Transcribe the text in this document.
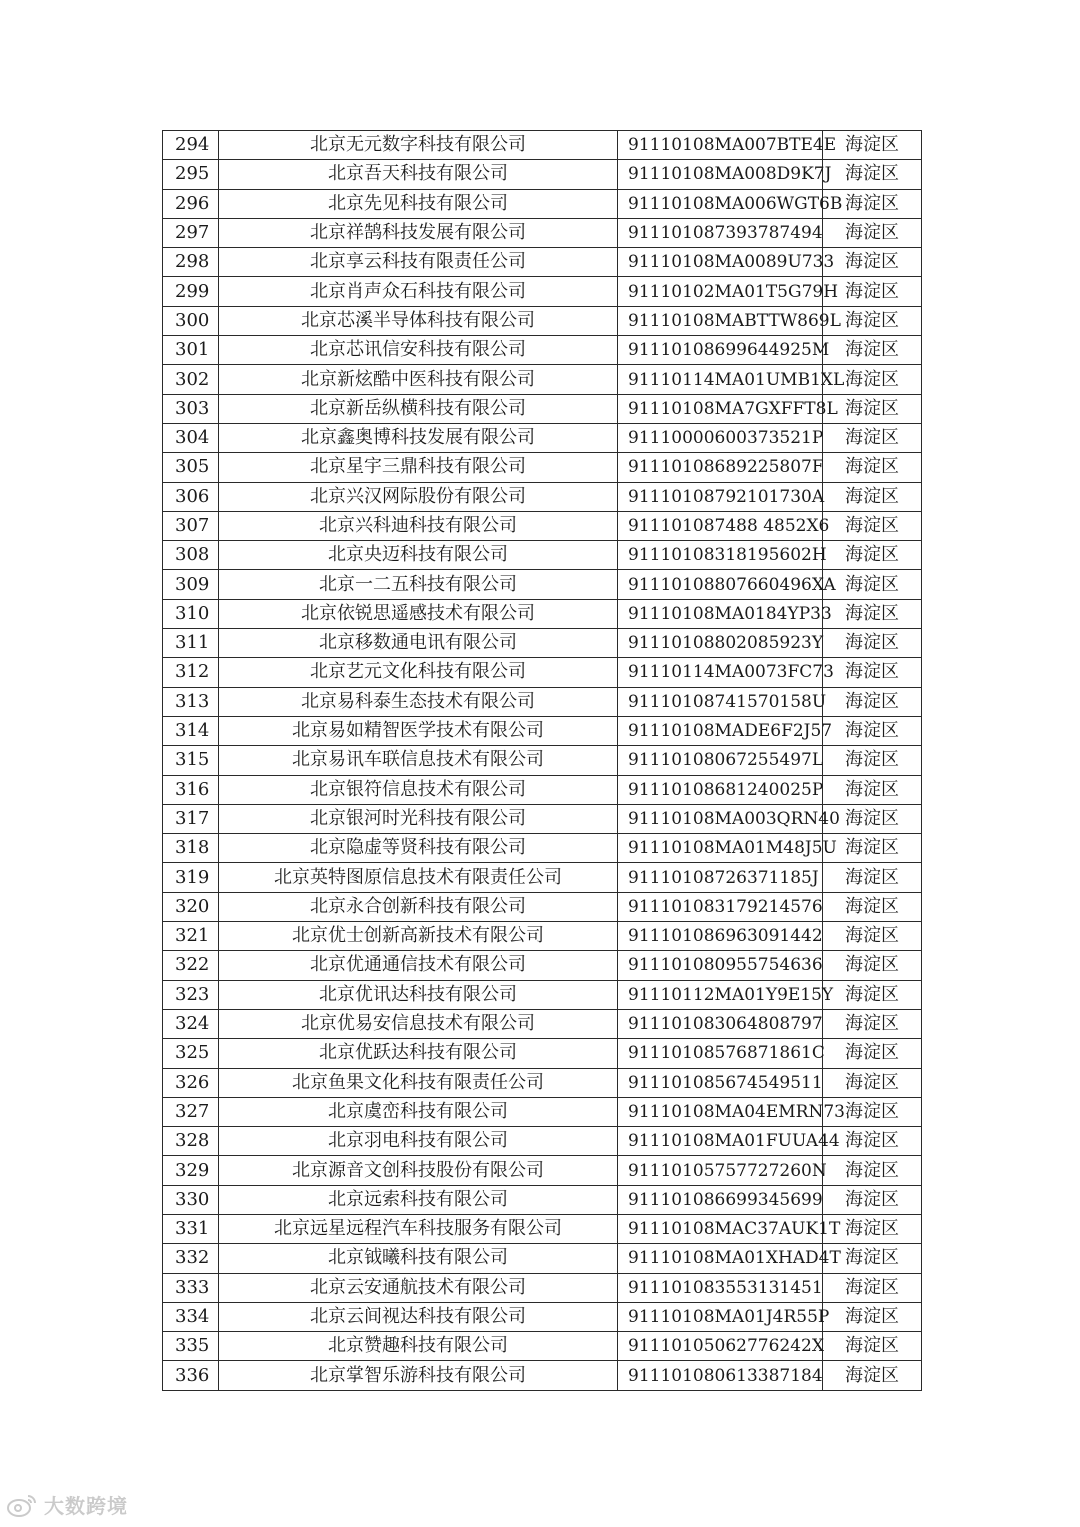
294	北京无元数字科技有限公司	91110108MA007BTE4E	海淀区
295	北京吾天科技有限公司	91110108MA008D9K7J	海淀区
296	北京先见科技有限公司	91110108MA006WGT6B	海淀区
297	北京祥鹄科技发展有限公司	911101087393787494	海淀区
298	北京享云科技有限责任公司	91110108MA0089U733	海淀区
299	北京肖声众石科技有限公司	91110102MA01T5G79H	海淀区
300	北京芯溪半导体科技有限公司	91110108MABTTW869L	海淀区
301	北京芯讯信安科技有限公司	91110108699644925M	海淀区
302	北京新炫酷中医科技有限公司	91110114MA01UMB1XL	海淀区
303	北京新岳纵横科技有限公司	91110108MA7GXFFT8L	海淀区
304	北京鑫奥博科技发展有限公司	91110000600373521P	海淀区
305	北京星宇三鼎科技有限公司	91110108689225807F	海淀区
306	北京兴汉网际股份有限公司	91110108792101730A	海淀区
307	北京兴科迪科技有限公司	911101087488 4852X6	海淀区
308	北京央迈科技有限公司	91110108318195602H	海淀区
309	北京一二五科技有限公司	91110108807660496XA	海淀区
310	北京依锐思遥感技术有限公司	91110108MA0184YP33	海淀区
311	北京移数通电讯有限公司	91110108802085923Y	海淀区
312	北京艺元文化科技有限公司	91110114MA0073FC73	海淀区
313	北京易科泰生态技术有限公司	91110108741570158U	海淀区
314	北京易如精智医学技术有限公司	91110108MADE6F2J57	海淀区
315	北京易讯车联信息技术有限公司	91110108067255497L	海淀区
316	北京银符信息技术有限公司	91110108681240025P	海淀区
317	北京银河时光科技有限公司	91110108MA003QRN40	海淀区
318	北京隐虚等贤科技有限公司	91110108MA01M48J5U	海淀区
319	北京英特图原信息技术有限责任公司	91110108726371185J	海淀区
320	北京永合创新科技有限公司	911101083179214576	海淀区
321	北京优士创新高新技术有限公司	911101086963091442	海淀区
322	北京优通通信技术有限公司	911101080955754636	海淀区
323	北京优讯达科技有限公司	91110112MA01Y9E15Y	海淀区
324	北京优易安信息技术有限公司	911101083064808797	海淀区
325	北京优跃达科技有限公司	91110108576871861C	海淀区
326	北京鱼果文化科技有限责任公司	911101085674549511	海淀区
327	北京虞峦科技有限公司	91110108MA04EMRN73	海淀区
328	北京羽电科技有限公司	91110108MA01FUUA44	海淀区
329	北京源音文创科技股份有限公司	91110105757727260N	海淀区
330	北京远索科技有限公司	911101086699345699	海淀区
331	北京远星远程汽车科技服务有限公司	91110108MAC37AUK1T	海淀区
332	北京钺曦科技有限公司	91110108MA01XHAD4T	海淀区
333	北京云安通航技术有限公司	911101083553131451	海淀区
334	北京云间视达科技有限公司	91110108MA01J4R55P	海淀区
335	北京赞趣科技有限公司	91110105062776242X	海淀区
336	北京掌智乐游科技有限公司	911101080613387184	海淀区
大数跨境
